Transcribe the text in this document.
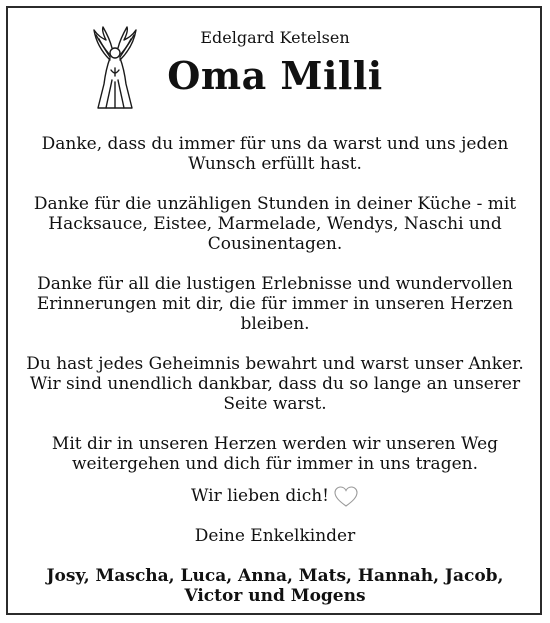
Edelgard Ketelsen
Oma Milli

Danke, dass du immer für uns da warst und uns jeden Wunsch erfüllt hast.

Danke für die unzähligen Stunden in deiner Küche - mit Hacksauce, Eistee, Marmelade, Wendys, Naschi und Cousinentagen.

Danke für all die lustigen Erlebnisse und wundervollen Erinnerungen mit dir, die für immer in unseren Herzen bleiben.

Du hast jedes Geheimnis bewahrt und warst unser Anker. Wir sind unendlich dankbar, dass du so lange an unserer Seite warst.

Mit dir in unseren Herzen werden wir unseren Weg weitergehen und dich für immer in uns tragen.

Wir lieben dich!
Deine Enkelkinder
Josy, Mascha, Luca, Anna, Mats, Hannah, Jacob,
Victor und Mogens
